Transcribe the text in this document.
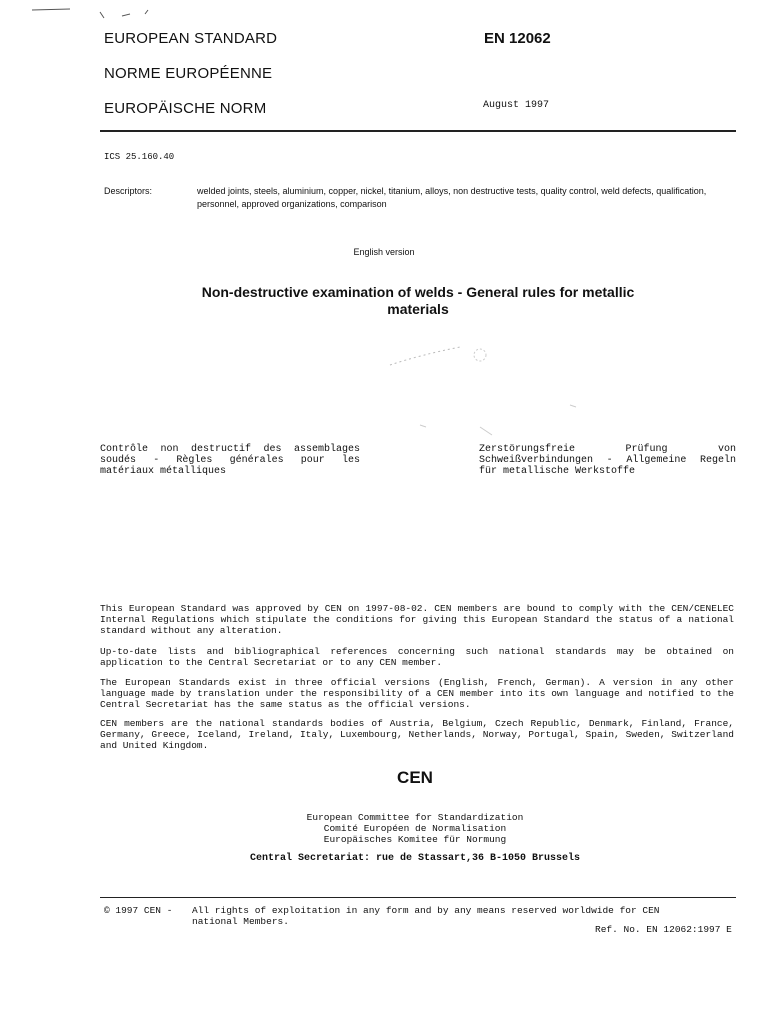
EUROPEAN STANDARD
NORME EUROPÉENNE
EUROPÄISCHE NORM
EN 12062
August 1997
ICS 25.160.40
Descriptors:	welded joints, steels, aluminium, copper, nickel, titanium, alloys, non destructive tests, quality control, weld defects, qualification, personnel, approved organizations, comparison
English version
Non-destructive examination of welds - General rules for metallic materials
Contrôle non destructif des assemblages soudés - Règles générales pour les matériaux métalliques
Zerstörungsfreie Prüfung von Schweißverbindungen - Allgemeine Regeln für metallische Werkstoffe
This European Standard was approved by CEN on 1997-08-02. CEN members are bound to comply with the CEN/CENELEC Internal Regulations which stipulate the conditions for giving this European Standard the status of a national standard without any alteration.
Up-to-date lists and bibliographical references concerning such national standards may be obtained on application to the Central Secretariat or to any CEN member.
The European Standards exist in three official versions (English, French, German). A version in any other language made by translation under the responsibility of a CEN member into its own language and notified to the Central Secretariat has the same status as the official versions.
CEN members are the national standards bodies of Austria, Belgium, Czech Republic, Denmark, Finland, France, Germany, Greece, Iceland, Ireland, Italy, Luxembourg, Netherlands, Norway, Portugal, Spain, Sweden, Switzerland and United Kingdom.
CEN
European Committee for Standardization
Comité Européen de Normalisation
Europäisches Komitee für Normung
Central Secretariat: rue de Stassart,36 B-1050 Brussels
© 1997 CEN - All rights of exploitation in any form and by any means reserved worldwide for CEN national Members.
Ref. No. EN 12062:1997 E
